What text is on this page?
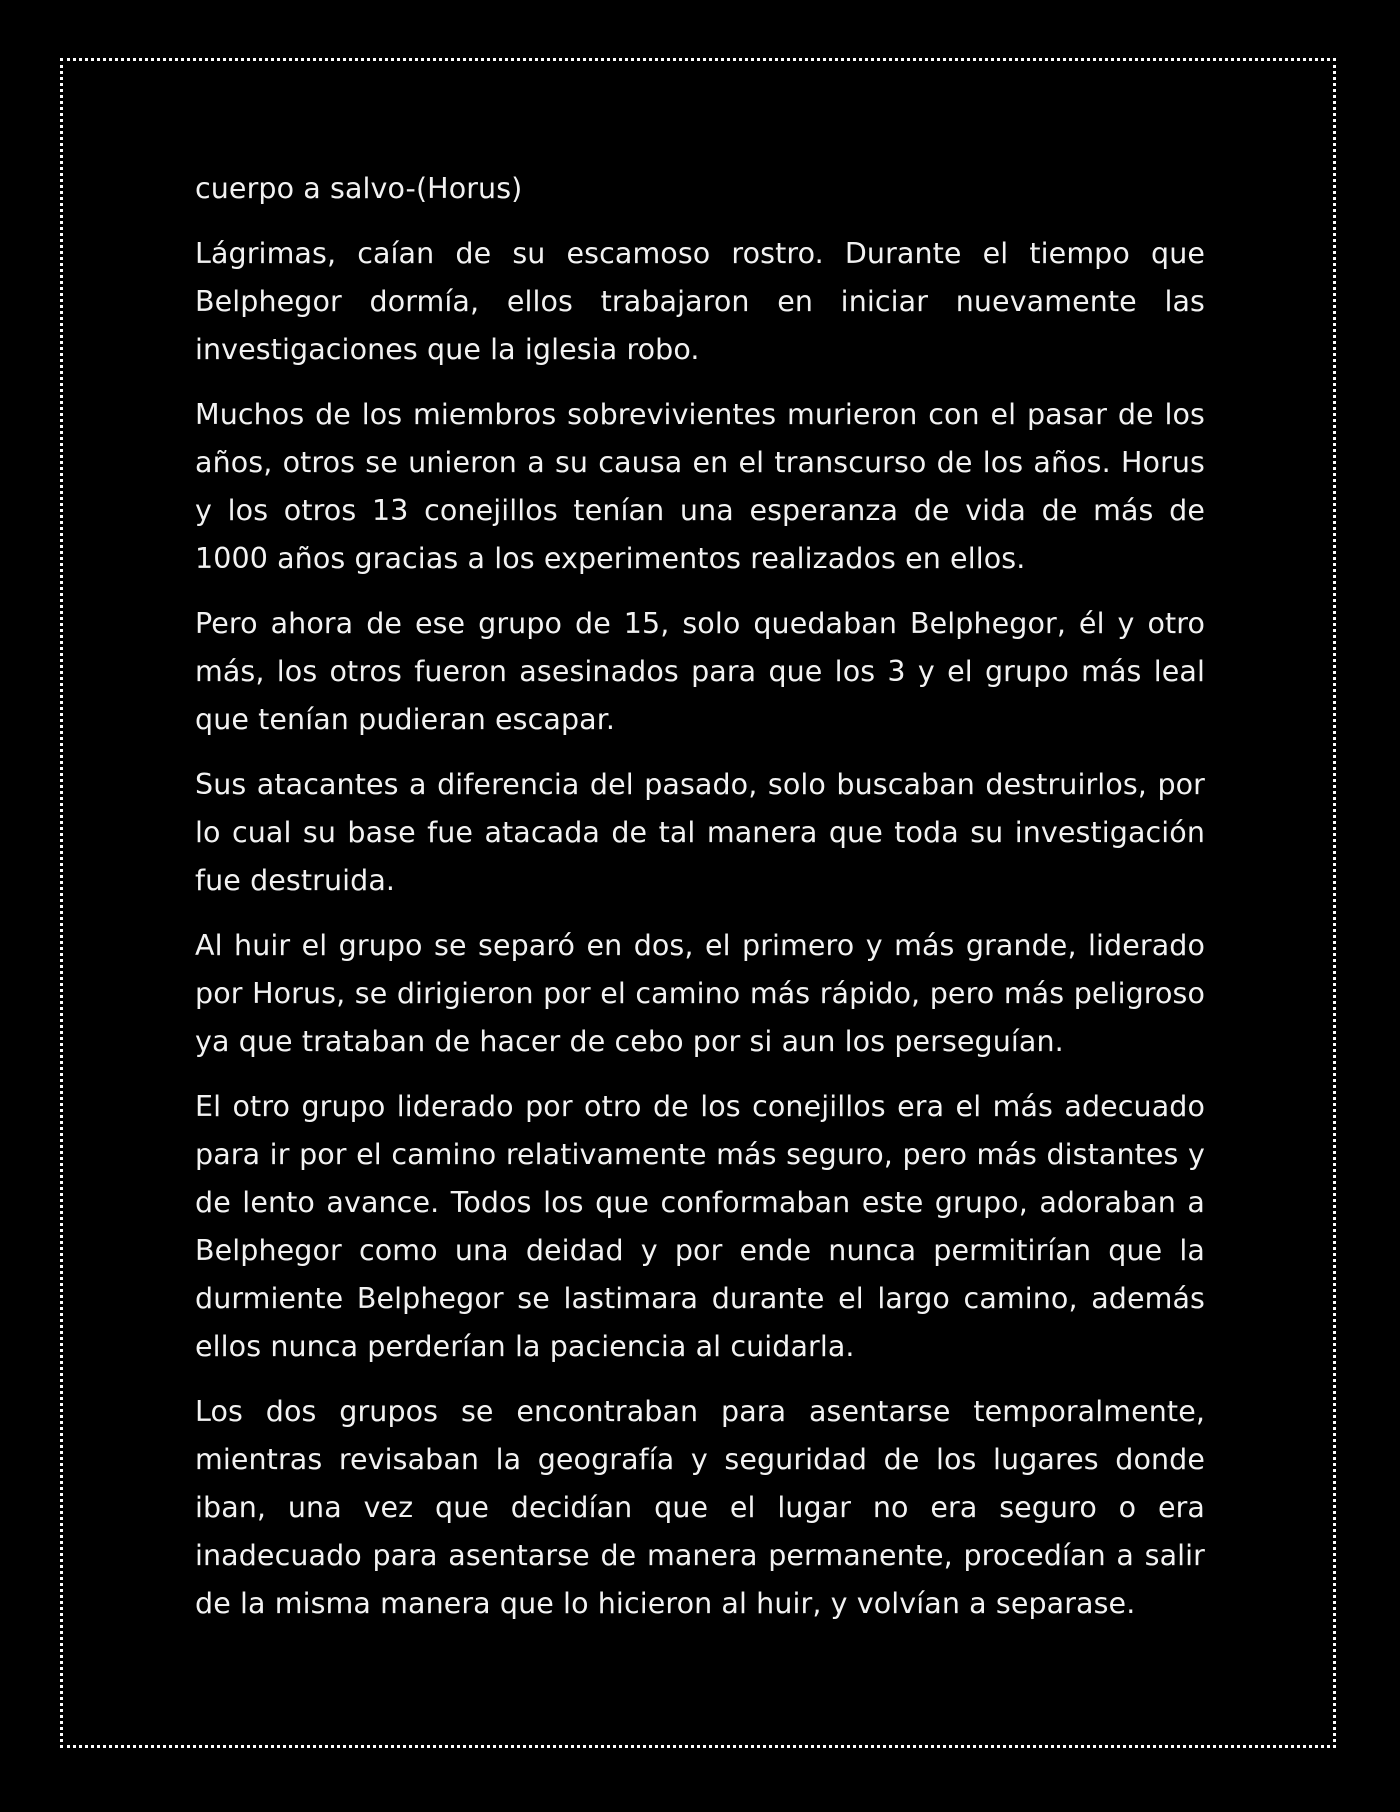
cuerpo a salvo-(Horus)

Lágrimas, caían de su escamoso rostro. Durante el tiempo que Belphegor dormía, ellos trabajaron en iniciar nuevamente las investigaciones que la iglesia robo.

Muchos de los miembros sobrevivientes murieron con el pasar de los años, otros se unieron a su causa en el transcurso de los años. Horus y los otros 13 conejillos tenían una esperanza de vida de más de 1000 años gracias a los experimentos realizados en ellos.

Pero ahora de ese grupo de 15, solo quedaban Belphegor, él y otro más, los otros fueron asesinados para que los 3 y el grupo más leal que tenían pudieran escapar.

Sus atacantes a diferencia del pasado, solo buscaban destruirlos, por lo cual su base fue atacada de tal manera que toda su investigación fue destruida.

Al huir el grupo se separó en dos, el primero y más grande, liderado por Horus, se dirigieron por el camino más rápido, pero más peligroso ya que trataban de hacer de cebo por si aun los perseguían.

El otro grupo liderado por otro de los conejillos era el más adecuado para ir por el camino relativamente más seguro, pero más distantes y de lento avance. Todos los que conformaban este grupo, adoraban a Belphegor como una deidad y por ende nunca permitirían que la durmiente Belphegor se lastimara durante el largo camino, además ellos nunca perderían la paciencia al cuidarla.

Los dos grupos se encontraban para asentarse temporalmente, mientras revisaban la geografía y seguridad de los lugares donde iban, una vez que decidían que el lugar no era seguro o era inadecuado para asentarse de manera permanente, procedían a salir de la misma manera que lo hicieron al huir, y volvían a separase.
